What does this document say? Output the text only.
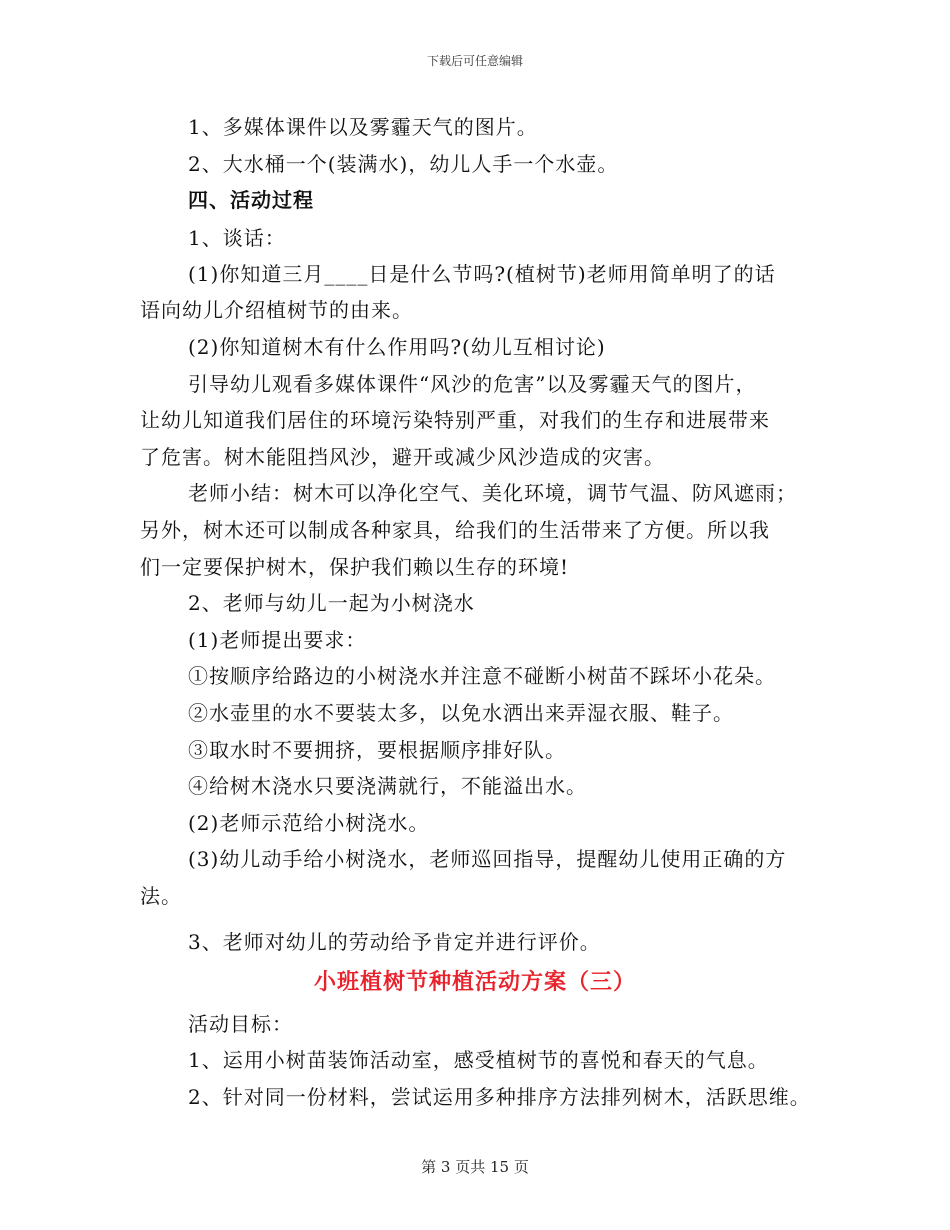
下载后可任意编辑
1、多媒体课件以及雾霾天气的图片。
2、大水桶一个(装满水)，幼儿人手一个水壶。
四、活动过程
1、谈话：
(1)你知道三月____日是什么节吗?(植树节)老师用简单明了的话
语向幼儿介绍植树节的由来。
(2)你知道树木有什么作用吗?(幼儿互相讨论)
引导幼儿观看多媒体课件“风沙的危害”以及雾霾天气的图片，
让幼儿知道我们居住的环境污染特别严重，对我们的生存和进展带来
了危害。树木能阻挡风沙，避开或减少风沙造成的灾害。
老师小结：树木可以净化空气、美化环境，调节气温、防风遮雨；
另外，树木还可以制成各种家具，给我们的生活带来了方便。所以我
们一定要保护树木，保护我们赖以生存的环境!
2、老师与幼儿一起为小树浇水
(1)老师提出要求：
①按顺序给路边的小树浇水并注意不碰断小树苗不踩坏小花朵。
②水壶里的水不要装太多，以免水洒出来弄湿衣服、鞋子。
③取水时不要拥挤，要根据顺序排好队。
④给树木浇水只要浇满就行，不能溢出水。
(2)老师示范给小树浇水。
(3)幼儿动手给小树浇水，老师巡回指导，提醒幼儿使用正确的方
法。
3、老师对幼儿的劳动给予肯定并进行评价。
小班植树节种植活动方案（三）
活动目标：
1、运用小树苗装饰活动室，感受植树节的喜悦和春天的气息。
2、针对同一份材料，尝试运用多种排序方法排列树木，活跃思维。
第 3 页共 15 页
